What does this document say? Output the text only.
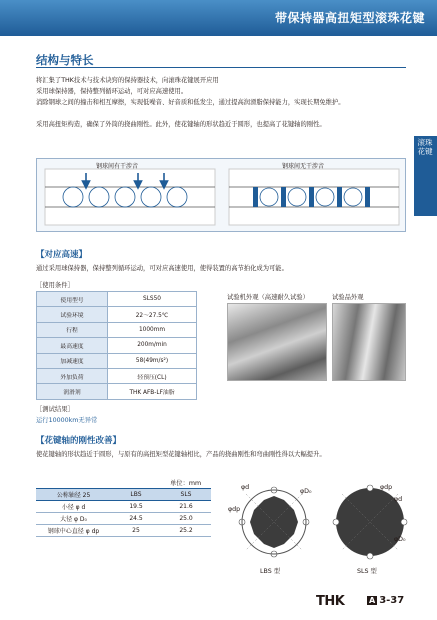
带保持器高扭矩型滚珠花键
滚珠花键
结构与特长
将汇集了THK技术与技术诀窍的保持器技术，向滚珠花键展开应用
采用球保持器，保持整列循环运动，可对应高速使用。
消除钢球之间的撞击和相互摩擦，实现低噪音、好音质和低发尘，通过提高润滑脂保持能力，实现长期免维护。
采用高扭矩构造，确保了外筒的挠曲刚性。此外，使花键轴的形状趋近于圆形，也提高了花键轴的刚性。
钢球间有干涉音	钢球间无干涉音
【对应高速】
通过采用球保持器，保持整列循环运动，可对应高速使用，使得装置的高节拍化成为可能。
［使用条件］
使用型号	SLS50
试验环境	22～27.5℃
行程	1000mm
最高速度	200m/min
加减速度	58(49m/s²)
外加负荷	轻预压(CL)
润滑剂	THK AFB-LF油脂
试验机外观（高速耐久试验）	试验品外观
［测试结果］
运行10000km无异常
【花键轴的刚性改善】
使花键轴的形状趋近于圆形，与原有的高扭矩型花键轴相比，产品的挠曲刚性和弯曲刚性得以大幅提升。
单位：mm
公称轴径 25	LBS	SLS
小径 φ d	19.5	21.6
大径 φ D₀	24.5	25.0
钢球中心直径 φ dp	25	25.2
φd
φD₀
φdp
φdp
φd
φD₀
LBS 型	SLS 型
THK	A 3-37
